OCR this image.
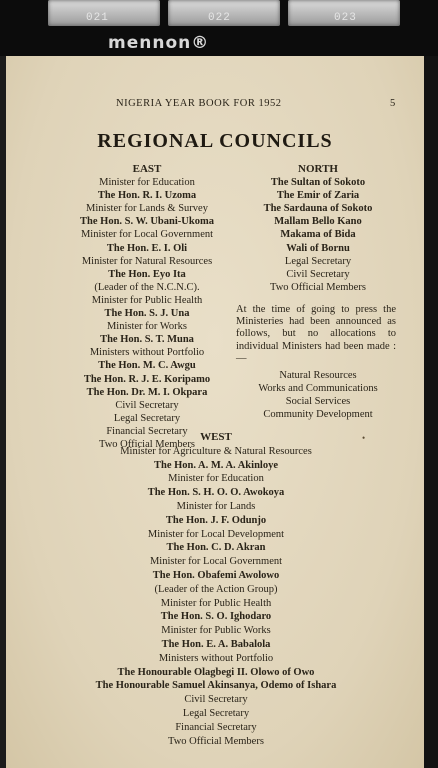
021	022	023
mennon®
NIGERIA YEAR BOOK FOR 1952	5
REGIONAL COUNCILS
EAST
Minister for Education
The Hon. R. I. Uzoma
Minister for Lands & Survey
The Hon. S. W. Ubani-Ukoma
Minister for Local Government
The Hon. E. I. Oli
Minister for Natural Resources
The Hon. Eyo Ita
(Leader of the N.C.N.C).
Minister for Public Health
The Hon. S. J. Una
Minister for Works
The Hon. S. T. Muna
Ministers without Portfolio
The Hon. M. C. Awgu
The Hon. R. J. E. Koripamo
The Hon. Dr. M. I. Okpara
Civil Secretary
Legal Secretary
Financial Secretary
Two Official Members
NORTH
The Sultan of Sokoto
The Emir of Zaria
The Sardauna of Sokoto
Mallam Bello Kano
Makama of Bida
Wali of Bornu
Legal Secretary
Civil Secretary
Two Official Members
At the time of going to press the Ministeries had been announced as follows, but no allocations to individual Ministers had been made :—
Natural Resources
Works and Communications
Social Services
Community Development
WEST
Minister for Agriculture & Natural Resources
The Hon. A. M. A. Akinloye
Minister for Education
The Hon. S. H. O. O. Awokoya
Minister for Lands
The Hon. J. F. Odunjo
Minister for Local Development
The Hon. C. D. Akran
Minister for Local Government
The Hon. Obafemi Awolowo
(Leader of the Action Group)
Minister for Public Health
The Hon. S. O. Ighodaro
Minister for Public Works
The Hon. E. A. Babalola
Ministers without Portfolio
The Honourable Olagbegi II. Olowo of Owo
The Honourable Samuel Akinsanya, Odemo of Ishara
Civil Secretary
Legal Secretary
Financial Secretary
Two Official Members
•
